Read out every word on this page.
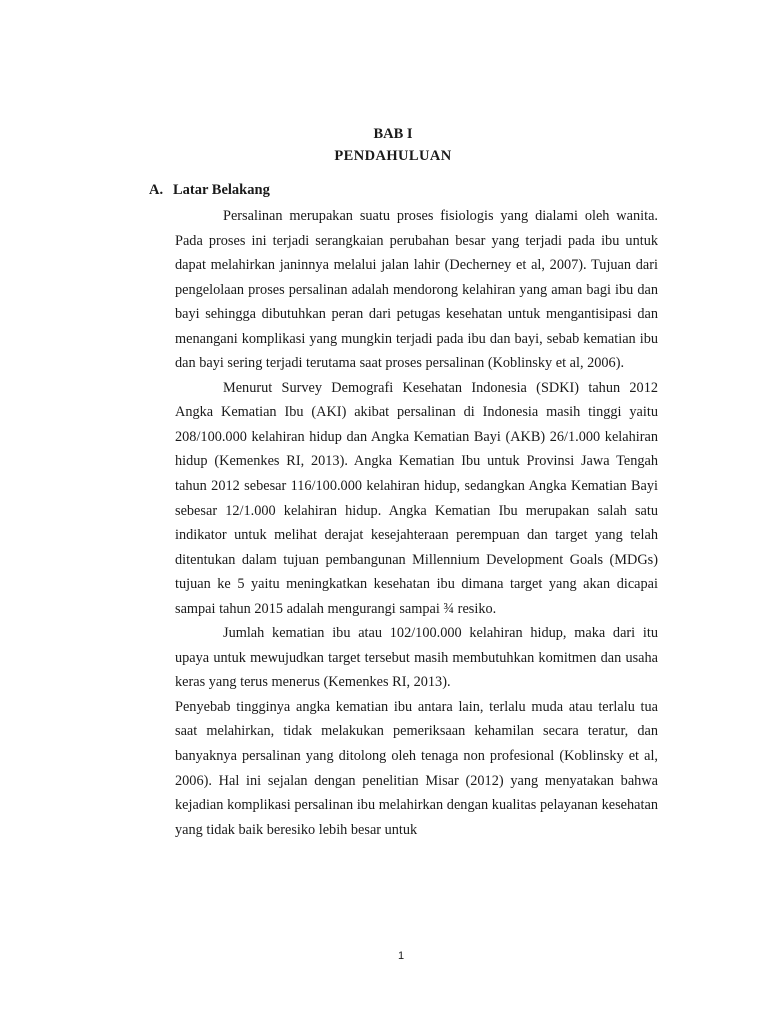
BAB I
PENDAHULUAN
A. Latar Belakang

Persalinan merupakan suatu proses fisiologis yang dialami oleh wanita. Pada proses ini terjadi serangkaian perubahan besar yang terjadi pada ibu untuk dapat melahirkan janinnya melalui jalan lahir (Decherney et al, 2007). Tujuan dari pengelolaan proses persalinan adalah mendorong kelahiran yang aman bagi ibu dan bayi sehingga dibutuhkan peran dari petugas kesehatan untuk mengantisipasi dan menangani komplikasi yang mungkin terjadi pada ibu dan bayi, sebab kematian ibu dan bayi sering terjadi terutama saat proses persalinan (Koblinsky et al, 2006).

Menurut Survey Demografi Kesehatan Indonesia (SDKI) tahun 2012 Angka Kematian Ibu (AKI) akibat persalinan di Indonesia masih tinggi yaitu 208/100.000 kelahiran hidup dan Angka Kematian Bayi (AKB) 26/1.000 kelahiran hidup (Kemenkes RI, 2013). Angka Kematian Ibu untuk Provinsi Jawa Tengah tahun 2012 sebesar 116/100.000 kelahiran hidup, sedangkan Angka Kematian Bayi sebesar 12/1.000 kelahiran hidup. Angka Kematian Ibu merupakan salah satu indikator untuk melihat derajat kesejahteraan perempuan dan target yang telah ditentukan dalam tujuan pembangunan Millennium Development Goals (MDGs) tujuan ke 5 yaitu meningkatkan kesehatan ibu dimana target yang akan dicapai sampai tahun 2015 adalah mengurangi sampai ¾ resiko.

Jumlah kematian ibu atau 102/100.000 kelahiran hidup, maka dari itu upaya untuk mewujudkan target tersebut masih membutuhkan komitmen dan usaha keras yang terus menerus (Kemenkes RI, 2013).

Penyebab tingginya angka kematian ibu antara lain, terlalu muda atau terlalu tua saat melahirkan, tidak melakukan pemeriksaan kehamilan secara teratur, dan banyaknya persalinan yang ditolong oleh tenaga non profesional (Koblinsky et al, 2006). Hal ini sejalan dengan penelitian Misar (2012) yang menyatakan bahwa kejadian komplikasi persalinan ibu melahirkan dengan kualitas pelayanan kesehatan yang tidak baik beresiko lebih besar untuk

1
